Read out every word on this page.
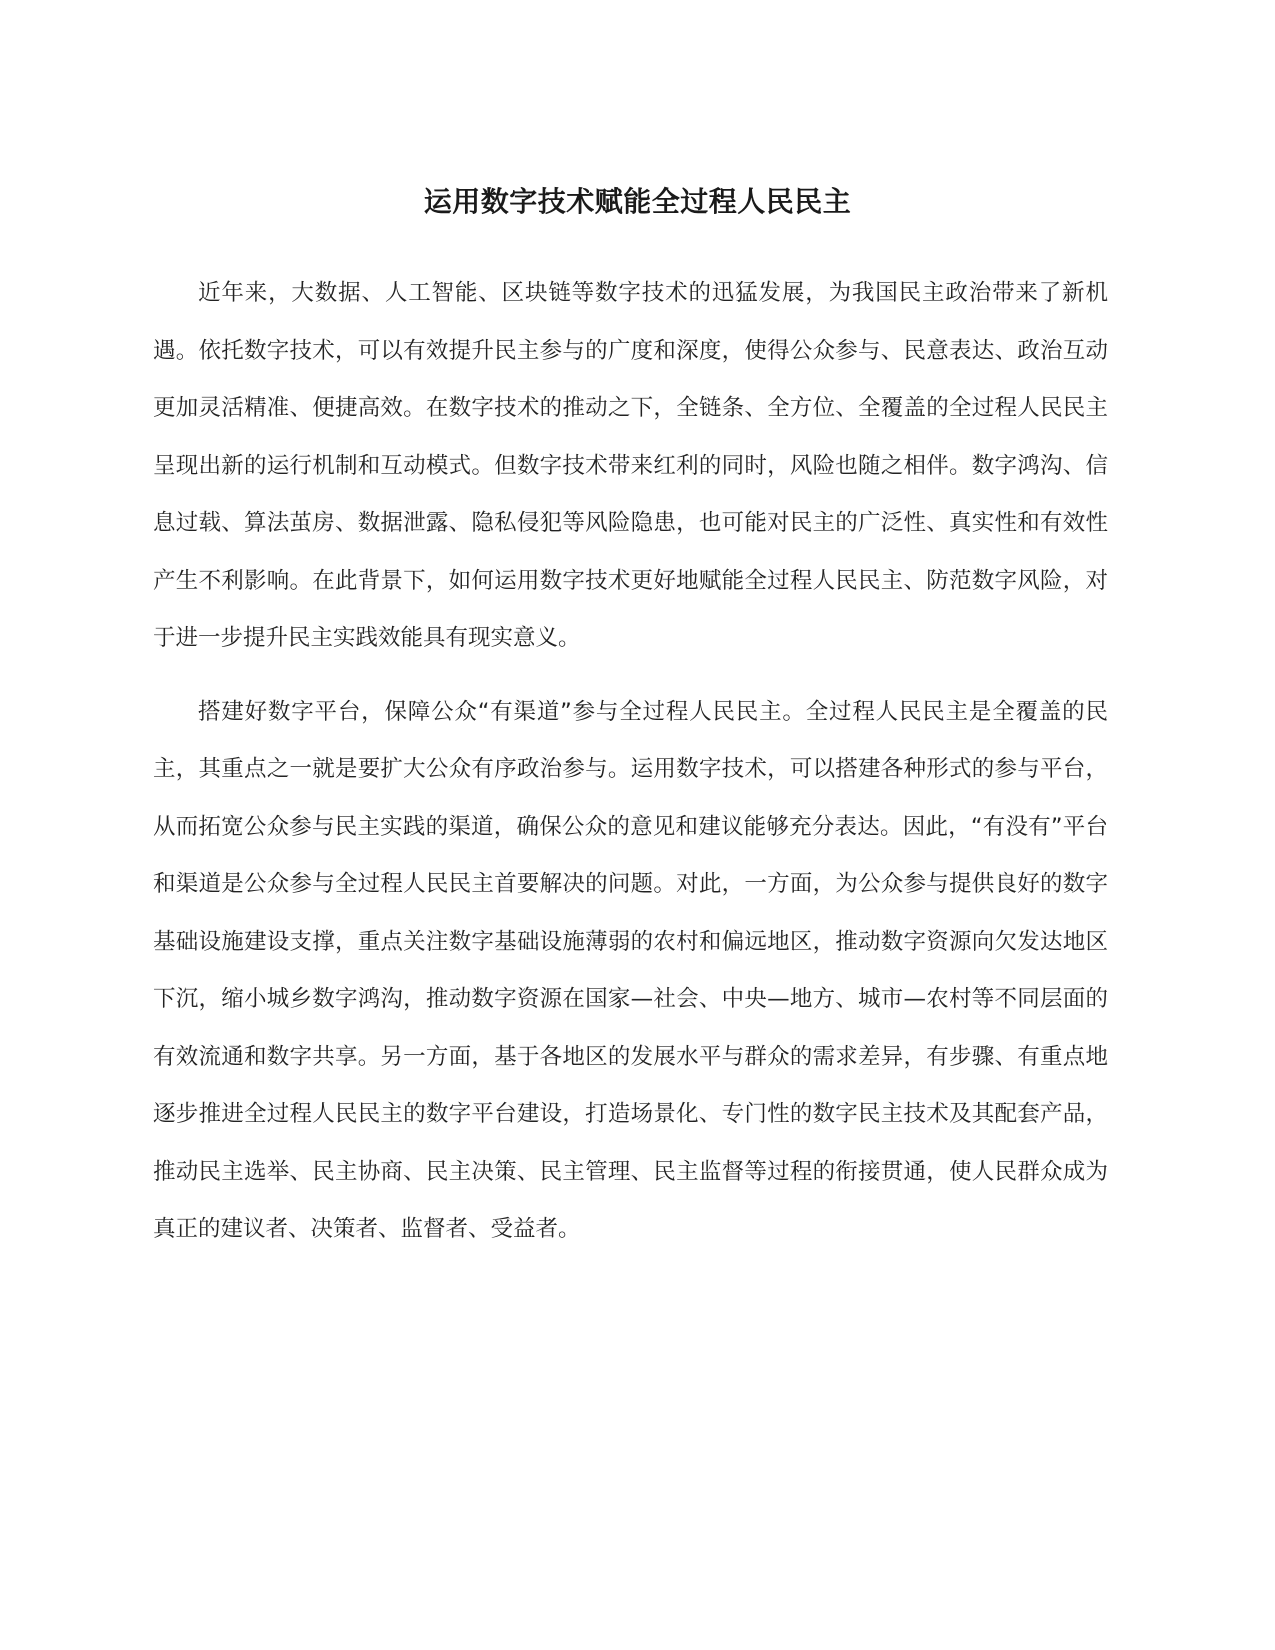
运用数字技术赋能全过程人民民主

近年来，大数据、人工智能、区块链等数字技术的迅猛发展，为我国民主政治带来了新机遇。依托数字技术，可以有效提升民主参与的广度和深度，使得公众参与、民意表达、政治互动更加灵活精准、便捷高效。在数字技术的推动之下，全链条、全方位、全覆盖的全过程人民民主呈现出新的运行机制和互动模式。但数字技术带来红利的同时，风险也随之相伴。数字鸿沟、信息过载、算法茧房、数据泄露、隐私侵犯等风险隐患，也可能对民主的广泛性、真实性和有效性产生不利影响。在此背景下，如何运用数字技术更好地赋能全过程人民民主、防范数字风险，对于进一步提升民主实践效能具有现实意义。

搭建好数字平台，保障公众“有渠道”参与全过程人民民主。全过程人民民主是全覆盖的民主，其重点之一就是要扩大公众有序政治参与。运用数字技术，可以搭建各种形式的参与平台，从而拓宽公众参与民主实践的渠道，确保公众的意见和建议能够充分表达。因此，“有没有”平台和渠道是公众参与全过程人民民主首要解决的问题。对此，一方面，为公众参与提供良好的数字基础设施建设支撑，重点关注数字基础设施薄弱的农村和偏远地区，推动数字资源向欠发达地区下沉，缩小城乡数字鸿沟，推动数字资源在国家—社会、中央—地方、城市—农村等不同层面的有效流通和数字共享。另一方面，基于各地区的发展水平与群众的需求差异，有步骤、有重点地逐步推进全过程人民民主的数字平台建设，打造场景化、专门性的数字民主技术及其配套产品，推动民主选举、民主协商、民主决策、民主管理、民主监督等过程的衔接贯通，使人民群众成为真正的建议者、决策者、监督者、受益者。
